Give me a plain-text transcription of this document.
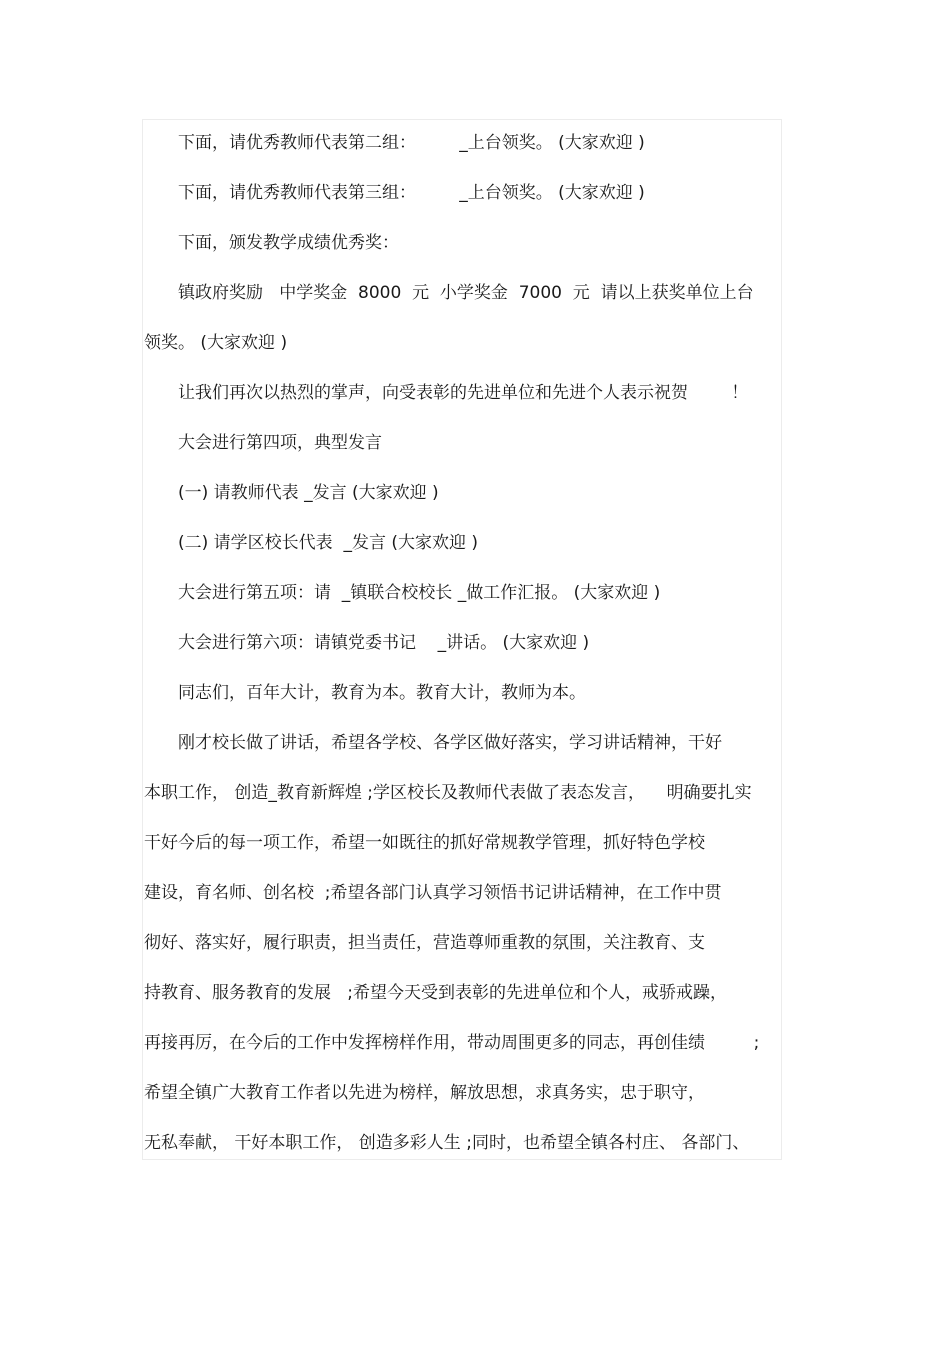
下面，请优秀教师代表第二组：        _上台领奖。 (大家欢迎 )

下面，请优秀教师代表第三组：        _上台领奖。 (大家欢迎 )

下面，颁发教学成绩优秀奖：

镇政府奖励   中学奖金  8000  元  小学奖金  7000  元  请以上获奖单位上台

领奖。 (大家欢迎 )

让我们再次以热烈的掌声，向受表彰的先进单位和先进个人表示祝贺        ！

大会进行第四项，典型发言

(一) 请教师代表 _发言 (大家欢迎 )

(二) 请学区校长代表  _发言 (大家欢迎 )

大会进行第五项：请  _镇联合校校长 _做工作汇报。 (大家欢迎 )

大会进行第六项：请镇党委书记    _讲话。 (大家欢迎 )

同志们，百年大计，教育为本。教育大计，教师为本。

刚才校长做了讲话，希望各学校、各学区做好落实，学习讲话精神，干好

本职工作， 创造_教育新辉煌 ;学区校长及教师代表做了表态发言，    明确要扎实

干好今后的每一项工作，希望一如既往的抓好常规教学管理，抓好特色学校

建设，育名师、创名校  ;希望各部门认真学习领悟书记讲话精神，在工作中贯

彻好、落实好，履行职责，担当责任，营造尊师重教的氛围，关注教育、支

持教育、服务教育的发展   ;希望今天受到表彰的先进单位和个人，戒骄戒躁，

再接再厉，在今后的工作中发挥榜样作用，带动周围更多的同志，再创佳绩         ;

希望全镇广大教育工作者以先进为榜样，解放思想，求真务实，忠于职守，

无私奉献， 干好本职工作， 创造多彩人生 ;同时，也希望全镇各村庄、 各部门、
